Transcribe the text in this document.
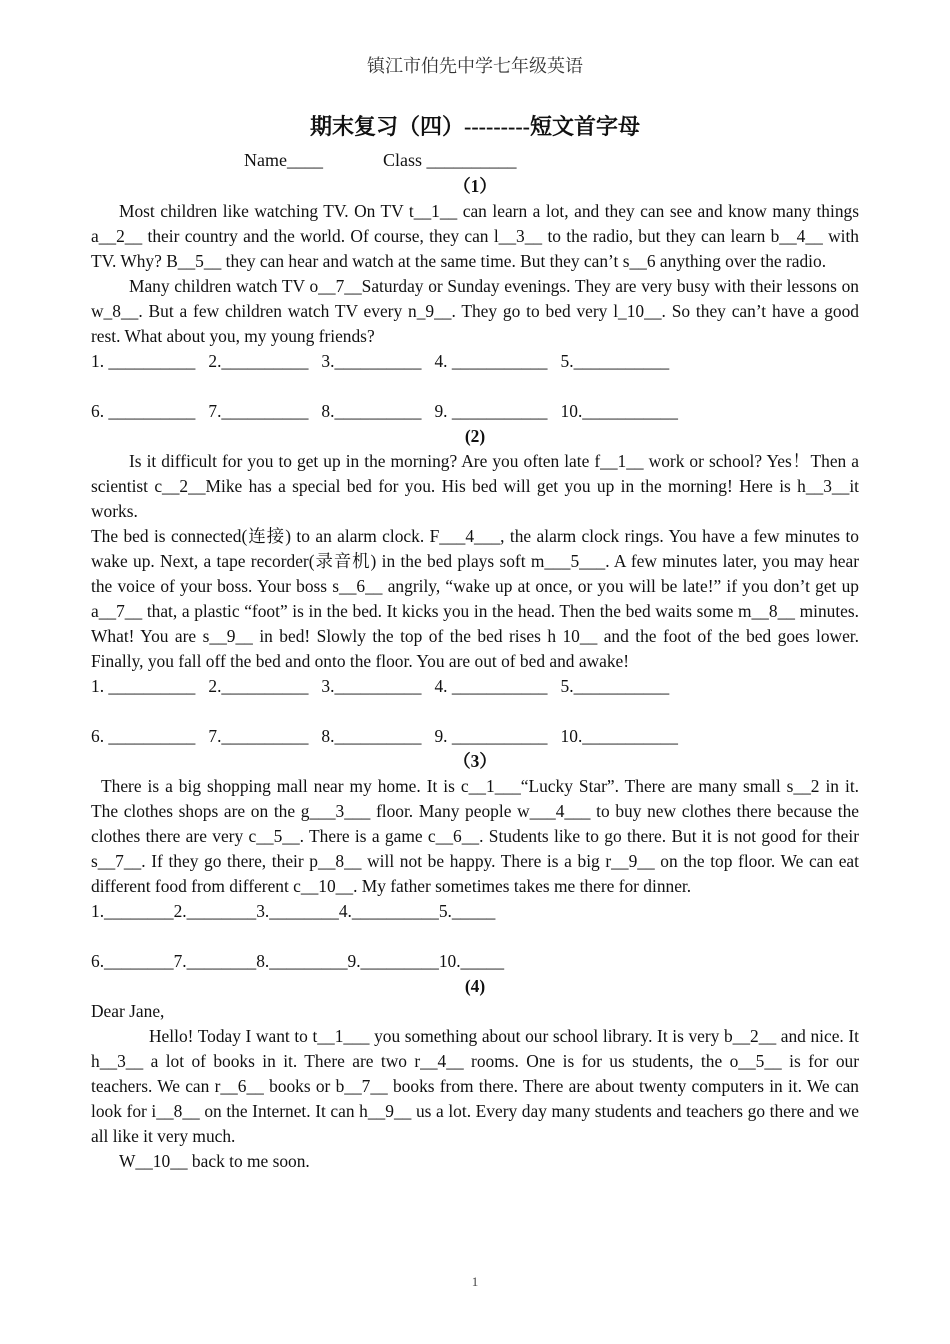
镇江市伯先中学七年级英语
期末复习（四）---------短文首字母
Name____	Class __________
（1）

Most children like watching TV. On TV t__1__ can learn a lot, and they can see and know many things a__2__ their country and the world. Of course, they can l__3__ to the radio, but they can learn b__4__ with TV. Why? B__5__ they can hear and watch at the same time. But they can’t s__6 anything over the radio.

Many children watch TV o__7__Saturday or Sunday evenings. They are very busy with their lessons on w_8__. But a few children watch TV every n_9__. They go to bed very l_10__. So they can’t have a good rest. What about you, my young friends?

1. __________   2.__________   3.__________   4. ___________   5.___________

6. __________   7.__________   8.__________   9. ___________   10.___________

(2)

Is it difficult for you to get up in the morning? Are you often late f__1__ work or school? Yes！Then a scientist c__2__Mike has a special bed for you. His bed will get you up in the morning! Here is h__3__it works.

The bed is connected(连接) to an alarm clock. F___4___, the alarm clock rings. You have a few minutes to wake up. Next, a tape recorder(录音机) in the bed plays soft m___5___. A few minutes later, you may hear the voice of your boss. Your boss s__6__ angrily, “wake up at once, or you will be late!” if you don’t get up a__7__ that, a plastic “foot” is in the bed. It kicks you in the head. Then the bed waits some m__8__ minutes. What! You are s__9__ in bed! Slowly the top of the bed rises h 10__ and the foot of the bed goes lower. Finally, you fall off the bed and onto the floor. You are out of bed and awake!

1. __________   2.__________   3.__________   4. ___________   5.___________

6. __________   7.__________   8.__________   9. ___________   10.___________

（3）

There is a big shopping mall near my home. It is c__1___“Lucky Star”. There are many small s__2 in it. The clothes shops are on the g___3___ floor. Many people w___4___ to buy new clothes there because the clothes there are very c__5__. There is a game c__6__. Students like to go there. But it is not good for their s__7__. If they go there, their p__8__ will not be happy. There is a big r__9__ on the top floor. We can eat different food from different c__10__. My father sometimes takes me there for dinner.

1.________2.________3.________4.__________5._____

6.________7.________8._________9._________10._____

(4)

Dear Jane,

Hello! Today I want to t__1___ you something about our school library. It is very b__2__ and nice. It h__3__ a lot of books in it. There are two r__4__ rooms. One is for us students, the o__5__ is for our teachers. We can r__6__ books or b__7__ books from there. There are about twenty computers in it. We can look for i__8__ on the Internet. It can h__9__ us a lot. Every day many students and teachers go there and we all like it very much.

W__10__ back to me soon.

1
